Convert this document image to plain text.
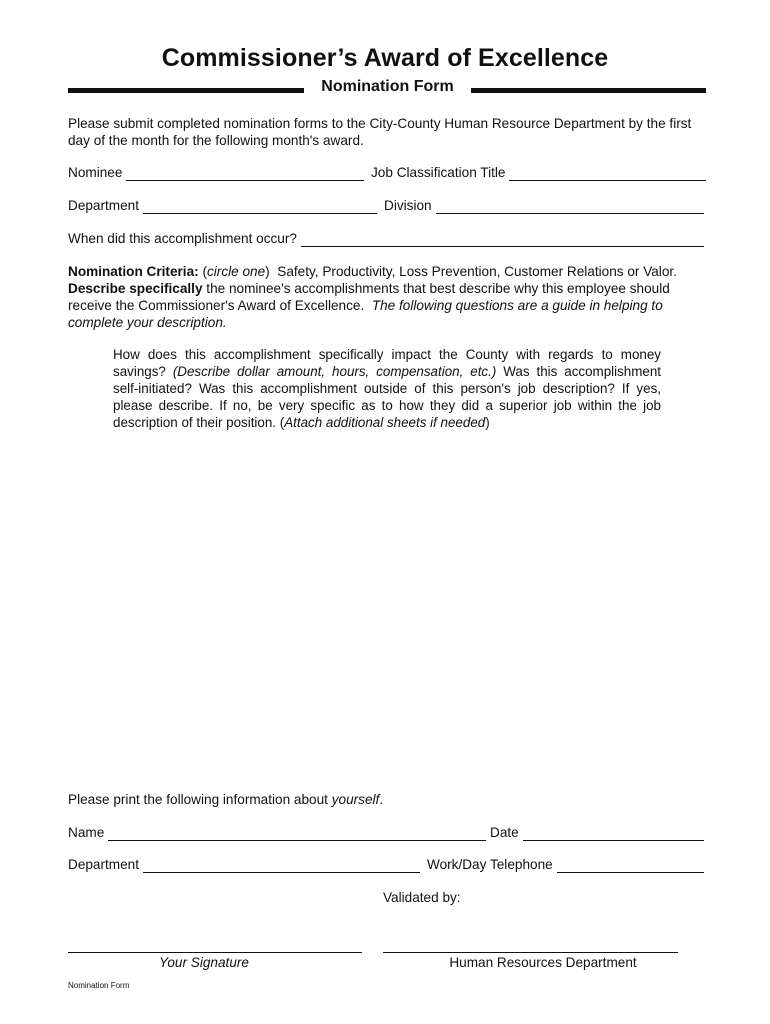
Commissioner’s Award of Excellence
Nomination Form
Please submit completed nomination forms to the City-County Human Resource Department by the first
day of the month for the following month's award.
Nominee	Job Classification Title
Department	Division
When did this accomplishment occur?
Nomination Criteria: (circle one) Safety, Productivity, Loss Prevention, Customer Relations or Valor.
Describe specifically the nominee's accomplishments that best describe why this employee should
receive the Commissioner's Award of Excellence. The following questions are a guide in helping to
complete your description.
How does this accomplishment specifically impact the County with regards to money savings? (Describe dollar amount, hours, compensation, etc.) Was this accomplishment self-initiated? Was this accomplishment outside of this person's job description? If yes, please describe. If no, be very specific as to how they did a superior job within the job description of their position. (Attach additional sheets if needed)
Please print the following information about yourself.
Name	Date
Department	Work/Day Telephone
Validated by:
Your Signature	Human Resources Department
Nomination Form
